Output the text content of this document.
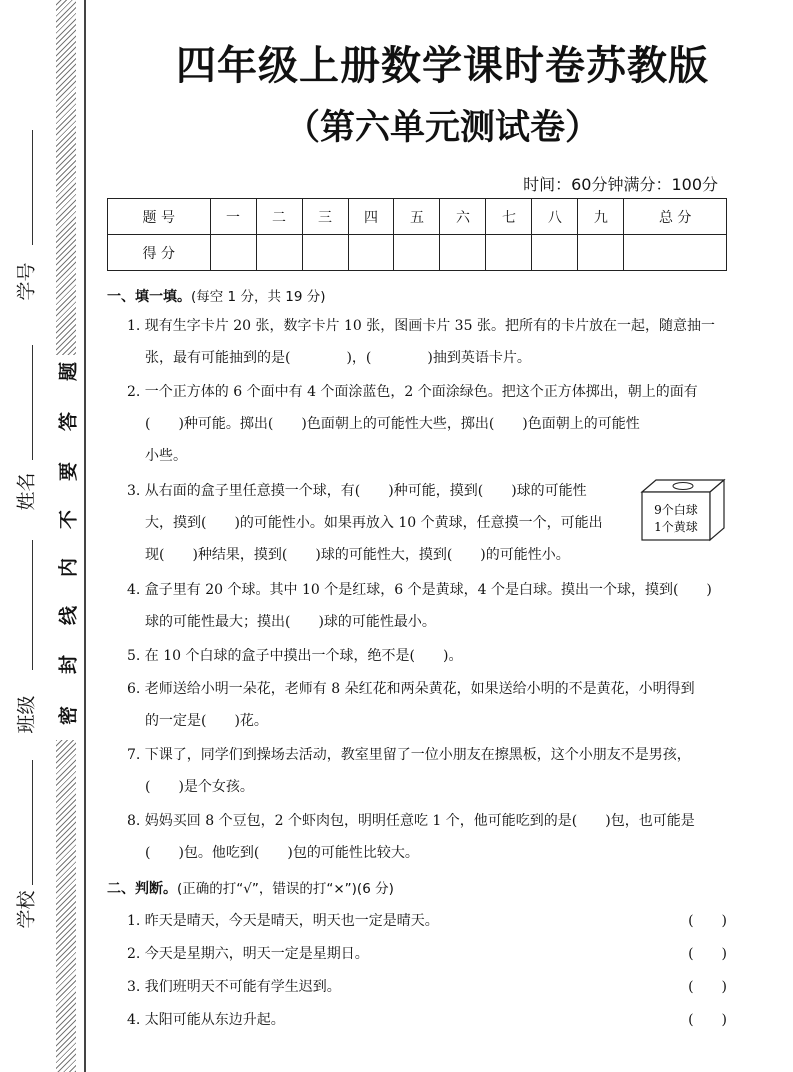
学号
姓名
班级
学校
题
答
要
不
内
线
封
密
四年级上册数学课时卷苏教版
（第六单元测试卷）
时间：60分钟满分：100分
题 号	一	二	三	四	五	六	七	八	九	总 分
得 分										
一、填一填。(每空 1 分，共 19 分)

1. 现有生字卡片 20 张，数字卡片 10 张，图画卡片 35 张。把所有的卡片放在一起，随意抽一

张，最有可能抽到的是(　　　　)，(　　　　)抽到英语卡片。

2. 一个正方体的 6 个面中有 4 个面涂蓝色，2 个面涂绿色。把这个正方体掷出，朝上的面有

(　　)种可能。掷出(　　)色面朝上的可能性大些，掷出(　　)色面朝上的可能性

小些。

3. 从右面的盒子里任意摸一个球，有(　　)种可能，摸到(　　)球的可能性

大，摸到(　　)的可能性小。如果再放入 10 个黄球，任意摸一个，可能出

现(　　)种结果，摸到(　　)球的可能性大，摸到(　　)的可能性小。

9个白球
1个黄球

4. 盒子里有 20 个球。其中 10 个是红球，6 个是黄球，4 个是白球。摸出一个球，摸到(　　)

球的可能性最大；摸出(　　)球的可能性最小。

5. 在 10 个白球的盒子中摸出一个球，绝不是(　　)。

6. 老师送给小明一朵花，老师有 8 朵红花和两朵黄花，如果送给小明的不是黄花，小明得到

的一定是(　　)花。

7. 下课了，同学们到操场去活动，教室里留了一位小朋友在擦黑板，这个小朋友不是男孩，

(　　)是个女孩。

8. 妈妈买回 8 个豆包，2 个虾肉包，明明任意吃 1 个，他可能吃到的是(　　)包，也可能是

(　　)包。他吃到(　　)包的可能性比较大。

二、判断。(正确的打“√”，错误的打“×”)(6 分)
1. 昨天是晴天，今天是晴天，明天也一定是晴天。	(　　)
2. 今天是星期六，明天一定是星期日。	(　　)
3. 我们班明天不可能有学生迟到。	(　　)
4. 太阳可能从东边升起。	(　　)
